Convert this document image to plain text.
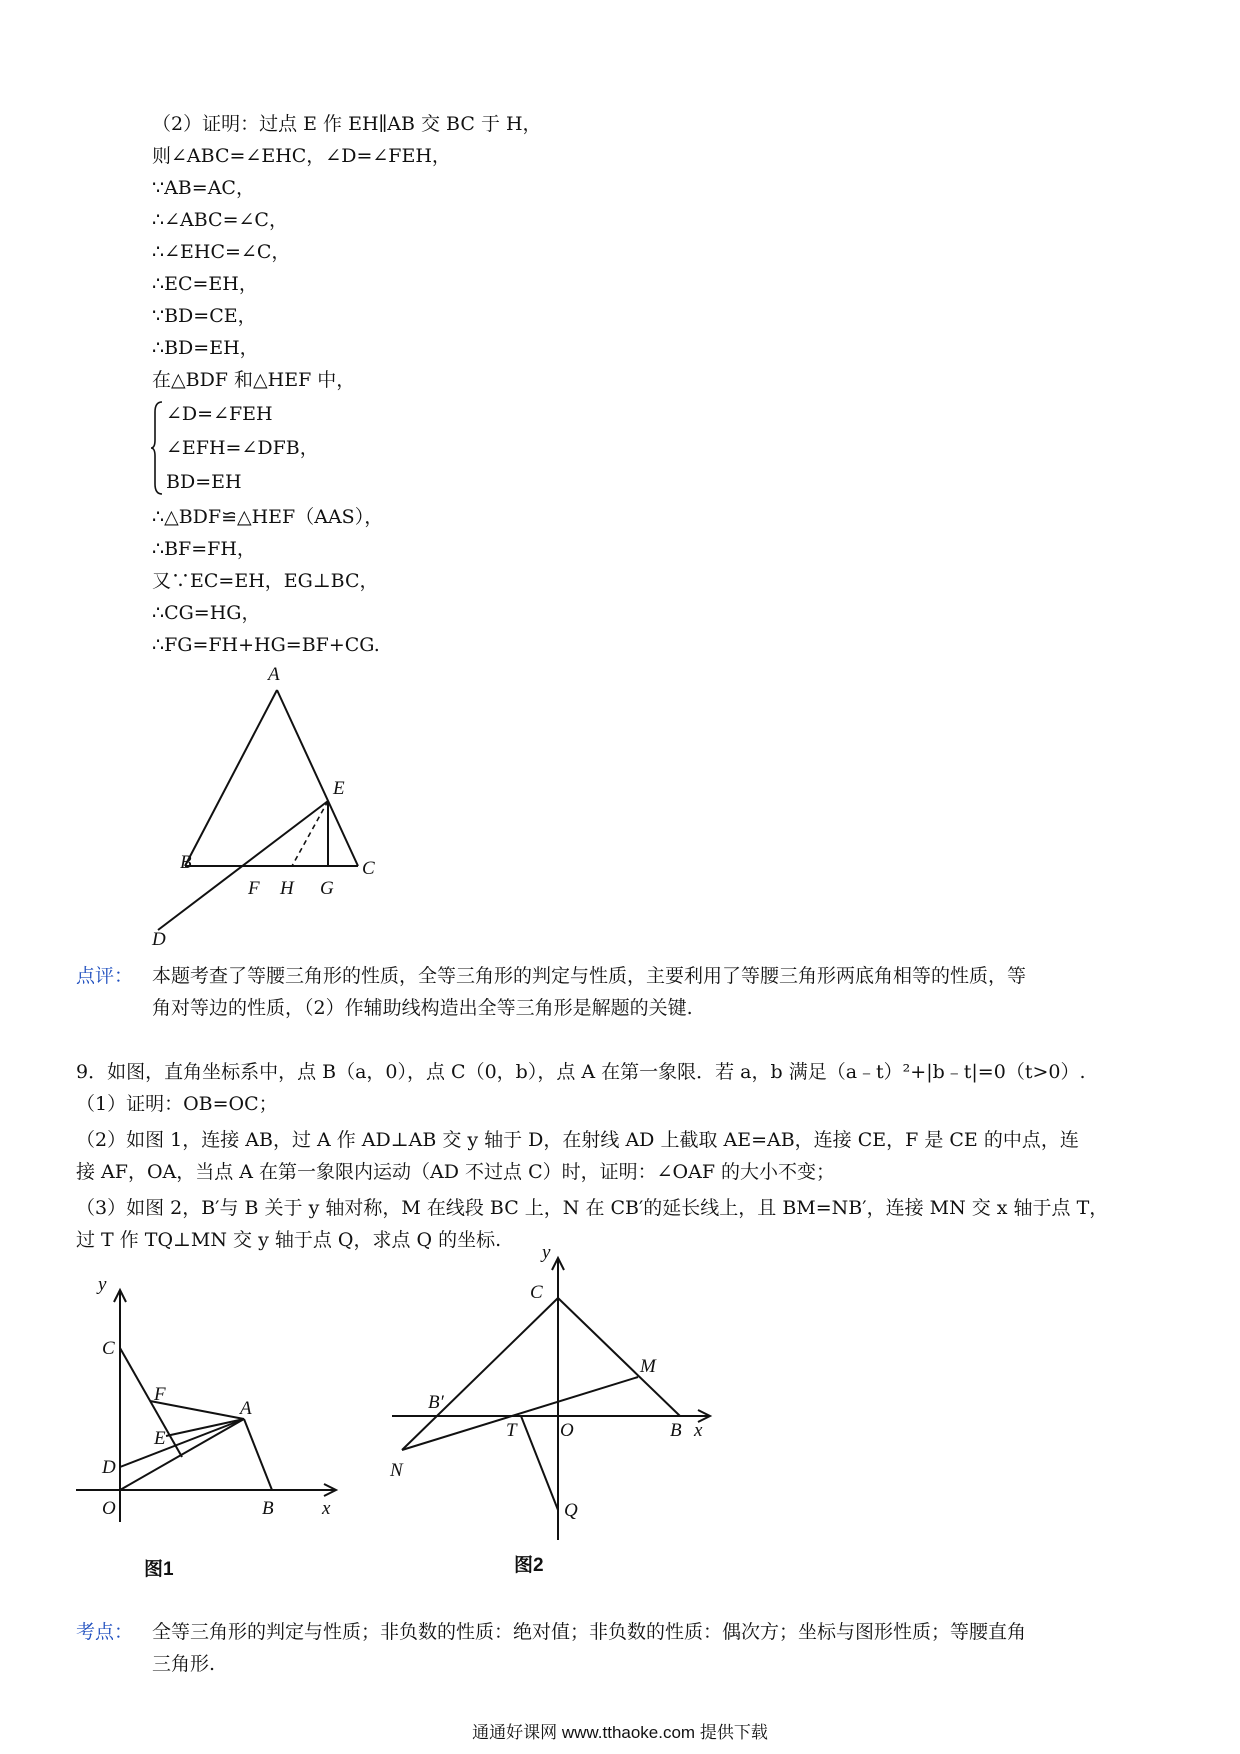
（2）证明：过点 E 作 EH∥AB 交 BC 于 H，
则∠ABC=∠EHC，∠D=∠FEH，
∵AB=AC，
∴∠ABC=∠C，
∴∠EHC=∠C，
∴EC=EH，
∵BD=CE，
∴BD=EH，
在△BDF 和△HEF 中，
∠D=∠FEH
∠EFH=∠DFB，
BD=EH
∴△BDF≌△HEF（AAS），
∴BF=FH，
又∵EC=EH，EG⊥BC，
∴CG=HG，
∴FG=FH+HG=BF+CG.
A
E
B
F H G
C
D
点评： 本题考查了等腰三角形的性质，全等三角形的判定与性质，主要利用了等腰三角形两底角相等的性质，等
角对等边的性质，（2）作辅助线构造出全等三角形是解题的关键.
9．如图，直角坐标系中，点 B（a，0），点 C（0，b），点 A 在第一象限．若 a，b 满足（a﹣t）²+|b﹣t|=0（t>0）.
（1）证明：OB=OC；
（2）如图 1，连接 AB，过 A 作 AD⊥AB 交 y 轴于 D，在射线 AD 上截取 AE=AB，连接 CE，F 是 CE 的中点，连
接 AF，OA，当点 A 在第一象限内运动（AD 不过点 C）时，证明：∠OAF 的大小不变；
（3）如图 2，B′与 B 关于 y 轴对称，M 在线段 BC 上，N 在 CB′的延长线上，且 BM=NB′，连接 MN 交 x 轴于点 T，
过 T 作 TQ⊥MN 交 y 轴于点 Q，求点 Q 的坐标.
y
x
O
C
F
A
E
D
B
图1
y
x
O
C
M
B′
T	B
N
Q
图2
考点： 全等三角形的判定与性质；非负数的性质：绝对值；非负数的性质：偶次方；坐标与图形性质；等腰直角
三角形.
通通好课网 www.tthaoke.com 提供下载
